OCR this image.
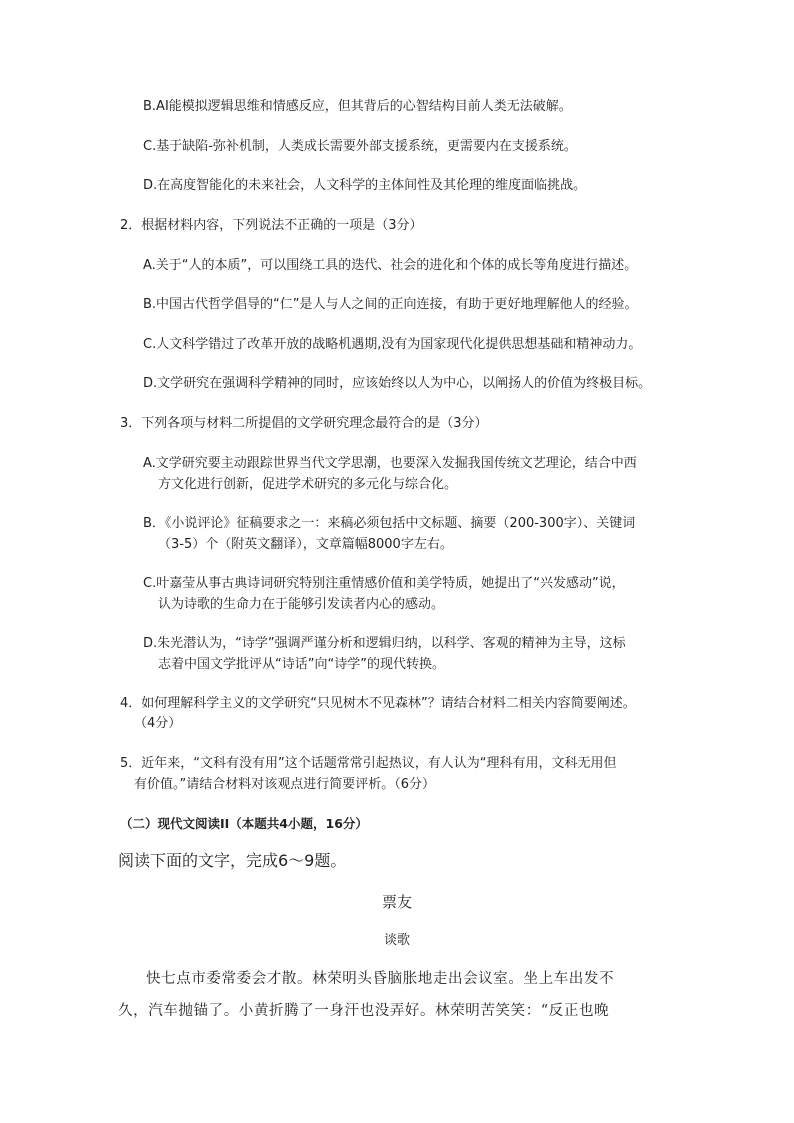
B.AI能模拟逻辑思维和情感反应，但其背后的心智结构目前人类无法破解。
C.基于缺陷-弥补机制，人类成长需要外部支援系统，更需要内在支援系统。
D.在高度智能化的未来社会，人文科学的主体间性及其伦理的维度面临挑战。
2．根据材料内容，下列说法不正确的一项是（3分）
A.关于“人的本质”，可以围绕工具的迭代、社会的进化和个体的成长等角度进行描述。
B.中国古代哲学倡导的“仁”是人与人之间的正向连接，有助于更好地理解他人的经验。
C.人文科学错过了改革开放的战略机遇期,没有为国家现代化提供思想基础和精神动力。
D.文学研究在强调科学精神的同时，应该始终以人为中心，以阐扬人的价值为终极目标。
3．下列各项与材料二所提倡的文学研究理念最符合的是（3分）
A.文学研究要主动跟踪世界当代文学思潮，也要深入发掘我国传统文艺理论，结合中西
方文化进行创新，促进学术研究的多元化与综合化。
B．《小说评论》征稿要求之一：来稿必须包括中文标题、摘要（200-300字）、关键词
（3-5）个（附英文翻译），文章篇幅8000字左右。
C.叶嘉莹从事古典诗词研究特别注重情感价值和美学特质，她提出了“兴发感动”说，
认为诗歌的生命力在于能够引发读者内心的感动。
D.朱光潜认为，“诗学”强调严谨分析和逻辑归纳，以科学、客观的精神为主导，这标
志着中国文学批评从“诗话”向“诗学”的现代转换。
4．如何理解科学主义的文学研究“只见树木不见森林”？请结合材料二相关内容简要阐述。
（4分）
5．近年来，“文科有没有用”这个话题常常引起热议，有人认为“理科有用，文科无用但
有价值。”请结合材料对该观点进行简要评析。（6分）
（二）现代文阅读II（本题共4小题，16分）
阅读下面的文字，完成6～9题。
票友
谈歌
快七点市委常委会才散。林荣明头昏脑胀地走出会议室。坐上车出发不
久，汽车抛锚了。小黄折腾了一身汗也没弄好。林荣明苦笑笑：“反正也晚
